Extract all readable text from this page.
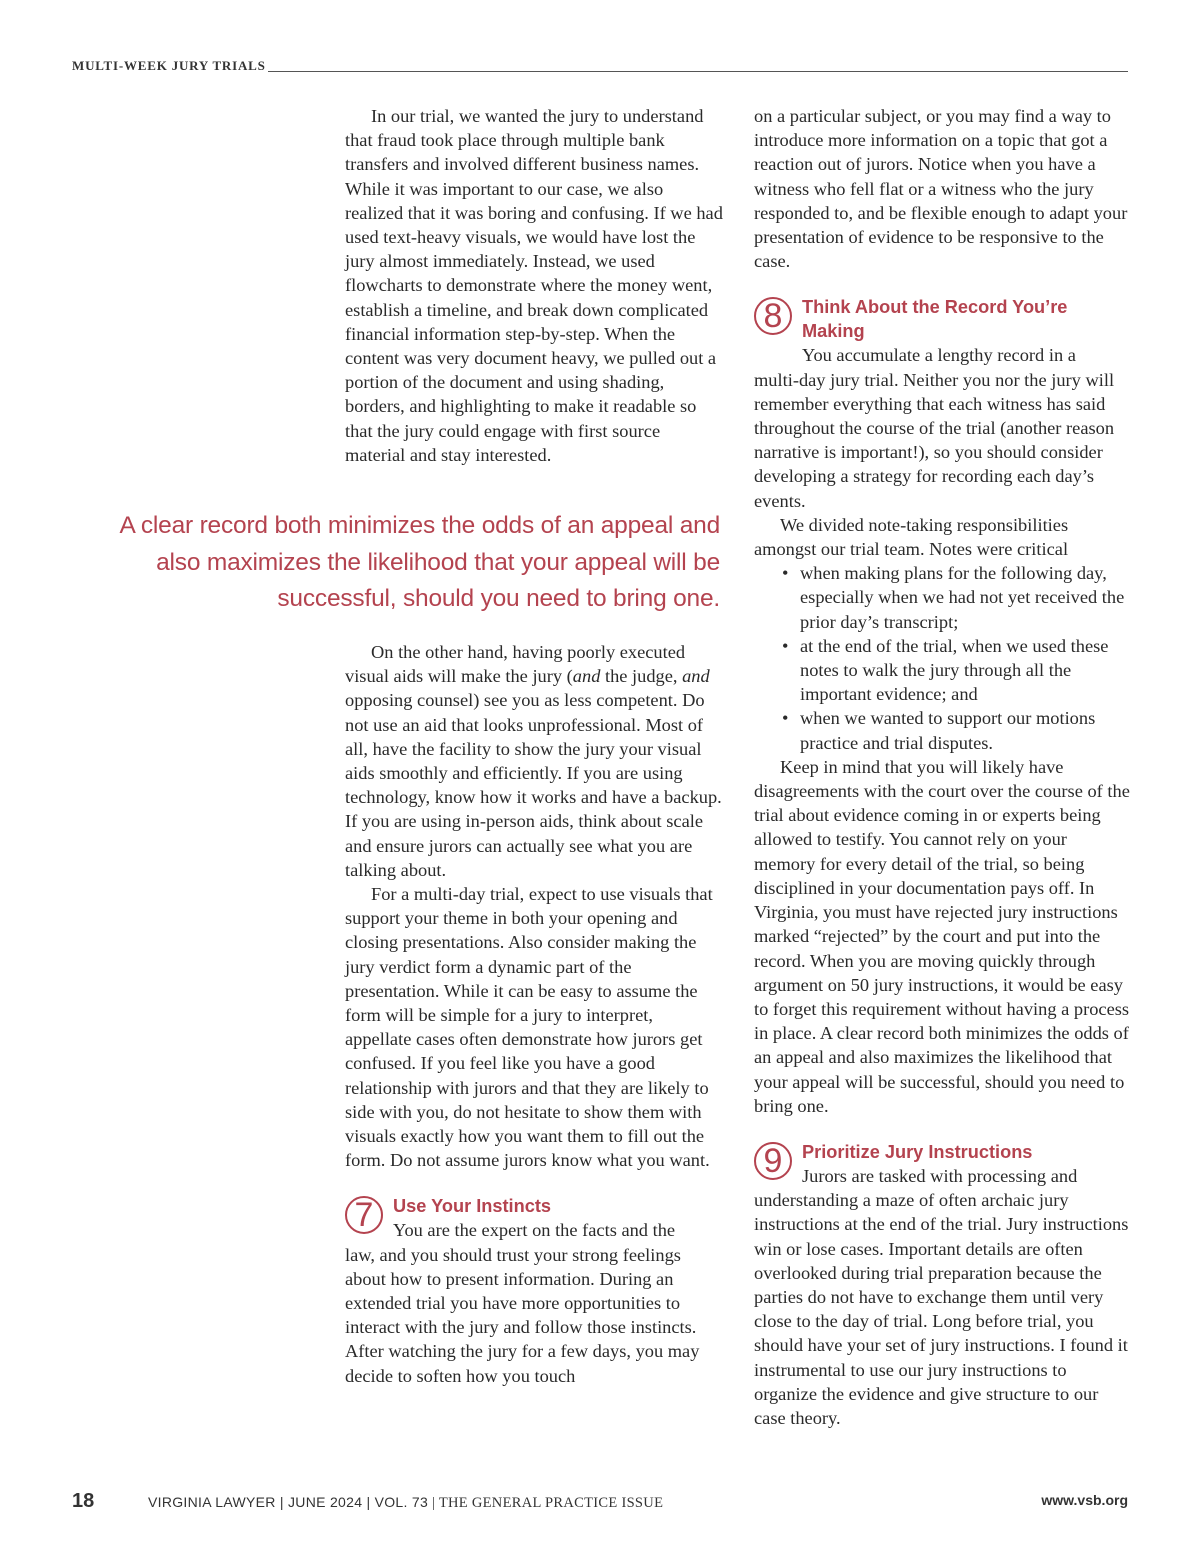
MULTI-WEEK JURY TRIALS

In our trial, we wanted the jury to understand that fraud took place through multiple bank transfers and involved different business names. While it was important to our case, we also realized that it was boring and confusing. If we had used text-heavy visuals, we would have lost the jury almost immediately. Instead, we used flowcharts to demonstrate where the money went, establish a timeline, and break down complicated financial information step-by-step. When the content was very document heavy, we pulled out a portion of the document and using shading, borders, and highlighting to make it readable so that the jury could engage with first source material and stay interested.

A clear record both minimizes the odds of an appeal and also maximizes the likelihood that your appeal will be successful, should you need to bring one.

On the other hand, having poorly executed visual aids will make the jury (and the judge, and opposing counsel) see you as less competent. Do not use an aid that looks unprofessional. Most of all, have the facility to show the jury your visual aids smoothly and efficiently. If you are using technology, know how it works and have a backup. If you are using in-person aids, think about scale and ensure jurors can actually see what you are talking about.

For a multi-day trial, expect to use visuals that support your theme in both your opening and closing presentations. Also consider making the jury verdict form a dynamic part of the presentation. While it can be easy to assume the form will be simple for a jury to interpret, appellate cases often demonstrate how jurors get confused. If you feel like you have a good relationship with jurors and that they are likely to side with you, do not hesitate to show them with visuals exactly how you want them to fill out the form. Do not assume jurors know what you want.

7	Use Your Instincts
You are the expert on the facts and the

law, and you should trust your strong feelings about how to present information. During an extended trial you have more opportunities to interact with the jury and follow those instincts. After watching the jury for a few days, you may decide to soften how you touch

on a particular subject, or you may find a way to introduce more information on a topic that got a reaction out of jurors. Notice when you have a witness who fell flat or a witness who the jury responded to, and be flexible enough to adapt your presentation of evidence to be responsive to the case.

8	Think About the Record You’re Making
You accumulate a lengthy record in a

multi-day jury trial. Neither you nor the jury will remember everything that each witness has said throughout the course of the trial (another reason narrative is important!), so you should consider developing a strategy for recording each day’s events.

We divided note-taking responsibilities amongst our trial team. Notes were critical

• when making plans for the following day, especially when we had not yet received the prior day’s transcript;
• at the end of the trial, when we used these notes to walk the jury through all the important evidence; and
• when we wanted to support our motions practice and trial disputes.

Keep in mind that you will likely have disagreements with the court over the course of the trial about evidence coming in or experts being allowed to testify. You cannot rely on your memory for every detail of the trial, so being disciplined in your documentation pays off. In Virginia, you must have rejected jury instructions marked “rejected” by the court and put into the record. When you are moving quickly through argument on 50 jury instructions, it would be easy to forget this requirement without having a process in place. A clear record both minimizes the odds of an appeal and also maximizes the likelihood that your appeal will be successful, should you need to bring one.

9	Prioritize Jury Instructions
Jurors are tasked with processing and

understanding a maze of often archaic jury instructions at the end of the trial. Jury instructions win or lose cases. Important details are often overlooked during trial preparation because the parties do not have to exchange them until very close to the day of trial. Long before trial, you should have your set of jury instructions. I found it instrumental to use our jury instructions to organize the evidence and give structure to our case theory.

18	VIRGINIA LAWYER | JUNE 2024 | VOL. 73 | THE GENERAL PRACTICE ISSUE	www.vsb.org
